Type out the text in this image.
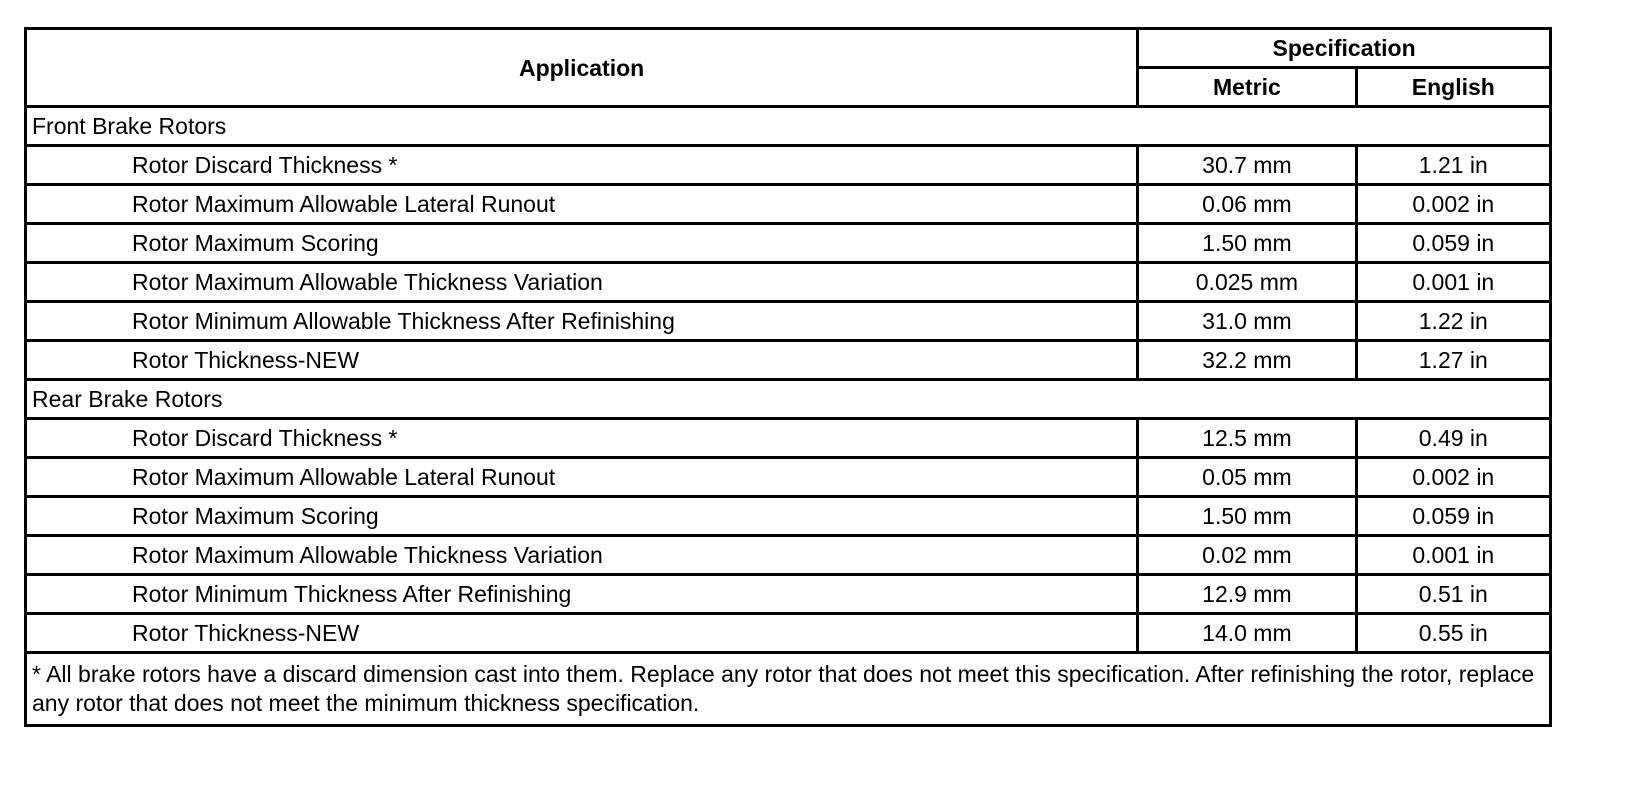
Application	Specification	
	Metric	English
Front Brake Rotors		
Rotor Discard Thickness *	30.7 mm	1.21 in
Rotor Maximum Allowable Lateral Runout	0.06 mm	0.002 in
Rotor Maximum Scoring	1.50 mm	0.059 in
Rotor Maximum Allowable Thickness Variation	0.025 mm	0.001 in
Rotor Minimum Allowable Thickness After Refinishing	31.0 mm	1.22 in
Rotor Thickness-NEW	32.2 mm	1.27 in
Rear Brake Rotors		
Rotor Discard Thickness *	12.5 mm	0.49 in
Rotor Maximum Allowable Lateral Runout	0.05 mm	0.002 in
Rotor Maximum Scoring	1.50 mm	0.059 in
Rotor Maximum Allowable Thickness Variation	0.02 mm	0.001 in
Rotor Minimum Thickness After Refinishing	12.9 mm	0.51 in
Rotor Thickness-NEW	14.0 mm	0.55 in
* All brake rotors have a discard dimension cast into them. Replace any rotor that does not meet this specification. After refinishing the rotor, replace any rotor that does not meet the minimum thickness specification.		
